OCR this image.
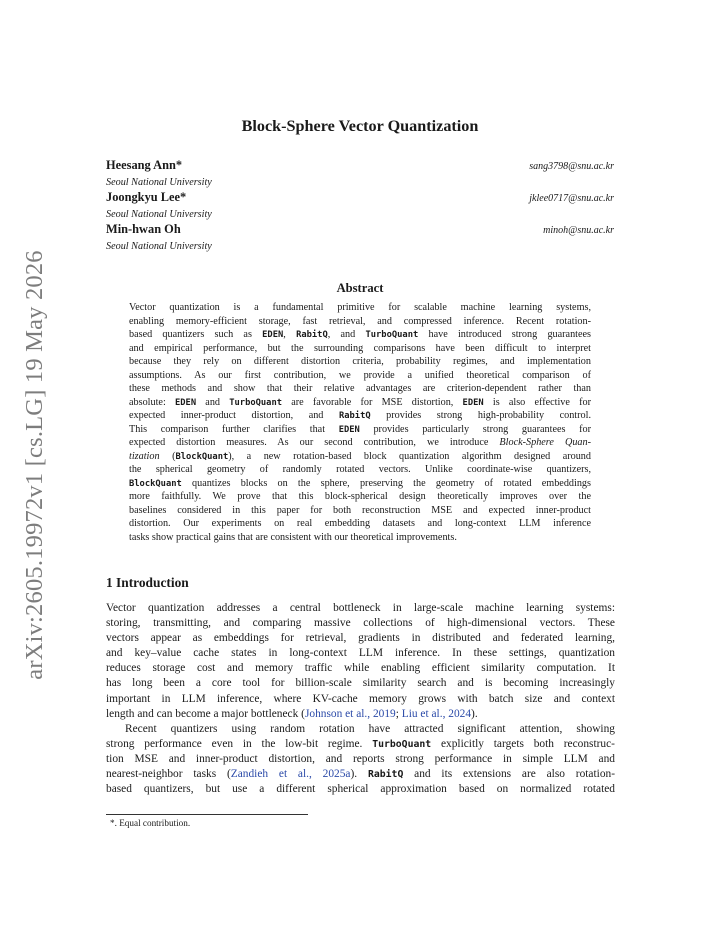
arXiv:2605.19972v1 [cs.LG] 19 May 2026
Block-Sphere Vector Quantization
Heesang Ann*	sang3798@snu.ac.kr
Seoul National University
Joongkyu Lee*	jklee0717@snu.ac.kr
Seoul National University
Min-hwan Oh	minoh@snu.ac.kr
Seoul National University
Abstract
Vector quantization is a fundamental primitive for scalable machine learning systems,
enabling memory-efficient storage, fast retrieval, and compressed inference. Recent rotation-
based quantizers such as EDEN, RabitQ, and TurboQuant have introduced strong guarantees
and empirical performance, but the surrounding comparisons have been difficult to interpret
because they rely on different distortion criteria, probability regimes, and implementation
assumptions. As our first contribution, we provide a unified theoretical comparison of
these methods and show that their relative advantages are criterion-dependent rather than
absolute: EDEN and TurboQuant are favorable for MSE distortion, EDEN is also effective for
expected inner-product distortion, and RabitQ provides strong high-probability control.
This comparison further clarifies that EDEN provides particularly strong guarantees for
expected distortion measures. As our second contribution, we introduce Block-Sphere Quan-
tization (BlockQuant), a new rotation-based block quantization algorithm designed around
the spherical geometry of randomly rotated vectors. Unlike coordinate-wise quantizers,
BlockQuant quantizes blocks on the sphere, preserving the geometry of rotated embeddings
more faithfully. We prove that this block-spherical design theoretically improves over the
baselines considered in this paper for both reconstruction MSE and expected inner-product
distortion. Our experiments on real embedding datasets and long-context LLM inference
tasks show practical gains that are consistent with our theoretical improvements.
1 Introduction
Vector quantization addresses a central bottleneck in large-scale machine learning systems:
storing, transmitting, and comparing massive collections of high-dimensional vectors. These
vectors appear as embeddings for retrieval, gradients in distributed and federated learning,
and key–value cache states in long-context LLM inference. In these settings, quantization
reduces storage cost and memory traffic while enabling efficient similarity computation. It
has long been a core tool for billion-scale similarity search and is becoming increasingly
important in LLM inference, where KV-cache memory grows with batch size and context
length and can become a major bottleneck (Johnson et al., 2019; Liu et al., 2024).
Recent quantizers using random rotation have attracted significant attention, showing
strong performance even in the low-bit regime. TurboQuant explicitly targets both reconstruc-
tion MSE and inner-product distortion, and reports strong performance in simple LLM and
nearest-neighbor tasks (Zandieh et al., 2025a). RabitQ and its extensions are also rotation-
based quantizers, but use a different spherical approximation based on normalized rotated
*. Equal contribution.
